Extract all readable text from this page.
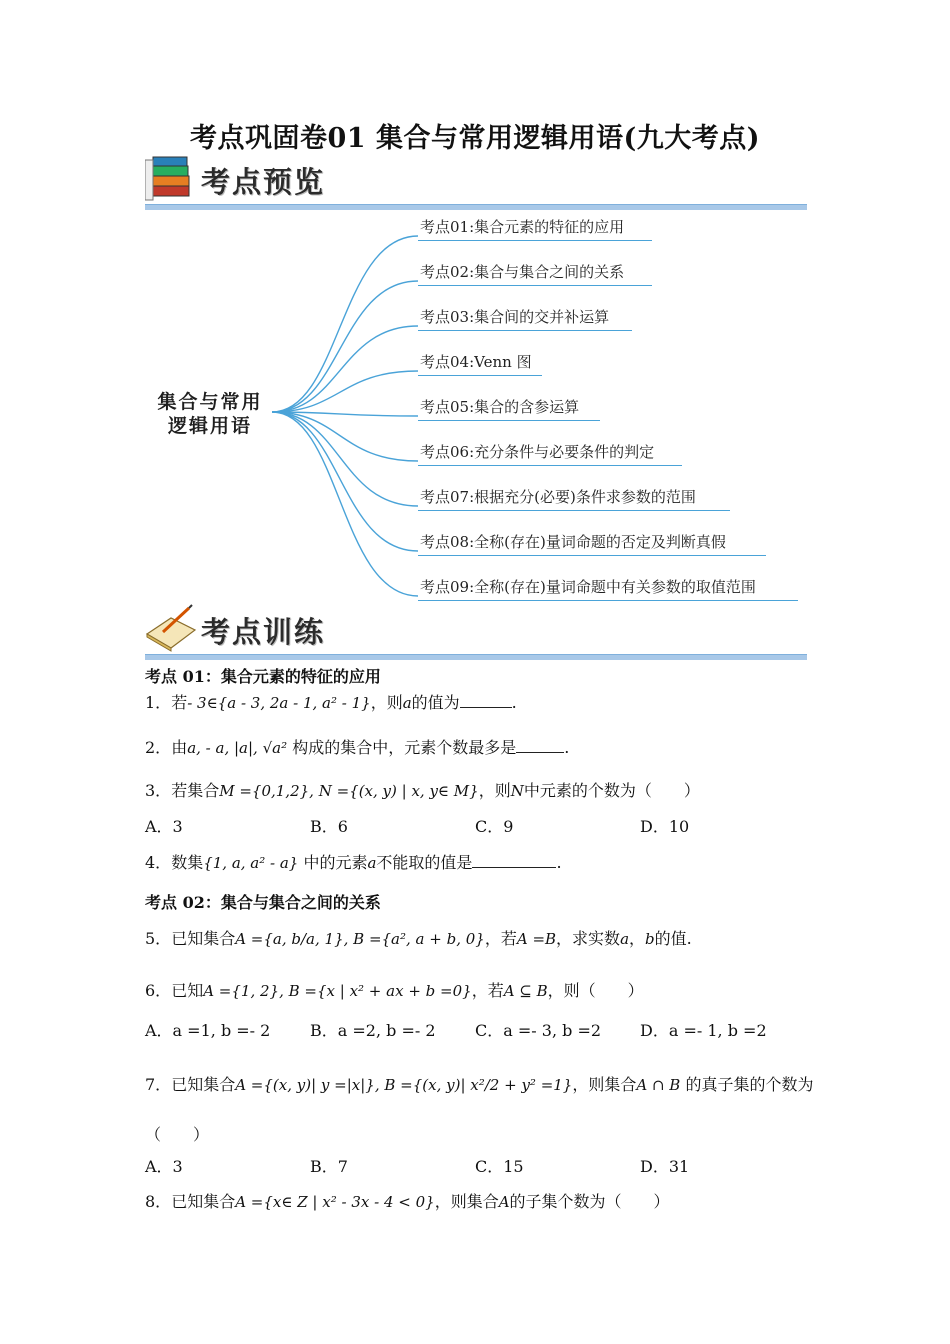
考点巩固卷01 集合与常用逻辑用语(九大考点)
考点预览
集合与常用
逻辑用语
考点01:集合元素的特征的应用
考点02:集合与集合之间的关系
考点03:集合间的交并补运算
考点04:Venn 图
考点05:集合的含参运算
考点06:充分条件与必要条件的判定
考点07:根据充分(必要)条件求参数的范围
考点08:全称(存在)量词命题的否定及判断真假
考点09:全称(存在)量词命题中有关参数的取值范围
考点训练
考点 01：集合元素的特征的应用
1．若- 3∈{a - 3, 2a - 1, a² - 1}，则a的值为	.
2．由a, - a, |a|, √a² 构成的集合中，元素个数最多是	.
3．若集合M ={0,1,2}, N ={(x, y) | x, y∈ M}，则N中元素的个数为（　　）
A．3	B．6	C．9	D．10
4．数集{1, a, a² - a} 中的元素a不能取的值是	.
考点 02：集合与集合之间的关系
5．已知集合A ={a, b/a, 1}, B ={a², a + b, 0}，若A =B，求实数a，b的值.
6．已知A ={1, 2}, B ={x | x² + ax + b =0}，若A ⊆ B，则（　　）
A．a =1, b =- 2 B．a =2, b =- 2 C．a =- 3, b =2 D．a =- 1, b =2
7．已知集合A ={(x, y)| y =|x|}, B ={(x, y)| x²/2 + y² =1}，则集合A ∩ B 的真子集的个数为
（　　）
A．3	B．7	C．15	D．31
8．已知集合A ={x∈ Z | x² - 3x - 4 < 0}，则集合A的子集个数为（　　）
